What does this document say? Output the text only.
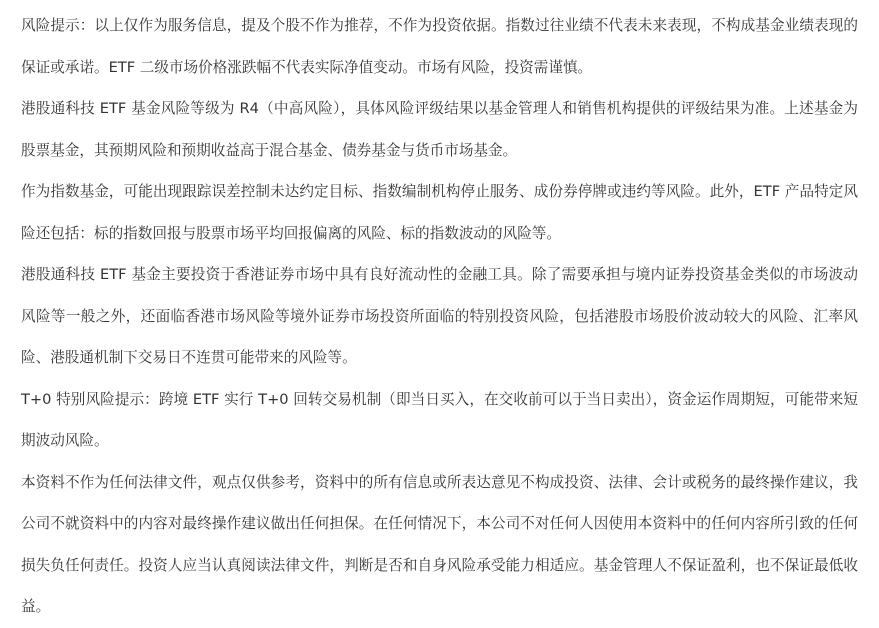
风险提示：以上仅作为服务信息，提及个股不作为推荐，不作为投资依据。指数过往业绩不代表未来表现，不构成基金业绩表现的保证或承诺。ETF 二级市场价格涨跌幅不代表实际净值变动。市场有风险，投资需谨慎。

港股通科技 ETF 基金风险等级为 R4（中高风险），具体风险评级结果以基金管理人和销售机构提供的评级结果为准。上述基金为股票基金，其预期风险和预期收益高于混合基金、债券基金与货币市场基金。

作为指数基金，可能出现跟踪误差控制未达约定目标、指数编制机构停止服务、成份券停牌或违约等风险。此外，ETF 产品特定风险还包括：标的指数回报与股票市场平均回报偏离的风险、标的指数波动的风险等。

港股通科技 ETF 基金主要投资于香港证券市场中具有良好流动性的金融工具。除了需要承担与境内证券投资基金类似的市场波动风险等一般之外，还面临香港市场风险等境外证券市场投资所面临的特别投资风险，包括港股市场股价波动较大的风险、汇率风险、港股通机制下交易日不连贯可能带来的风险等。

T+0 特别风险提示：跨境 ETF 实行 T+0 回转交易机制（即当日买入，在交收前可以于当日卖出），资金运作周期短，可能带来短期波动风险。

本资料不作为任何法律文件，观点仅供参考，资料中的所有信息或所表达意见不构成投资、法律、会计或税务的最终操作建议，我公司不就资料中的内容对最终操作建议做出任何担保。在任何情况下，本公司不对任何人因使用本资料中的任何内容所引致的任何损失负任何责任。投资人应当认真阅读法律文件，判断是否和自身风险承受能力相适应。基金管理人不保证盈利，也不保证最低收益。
